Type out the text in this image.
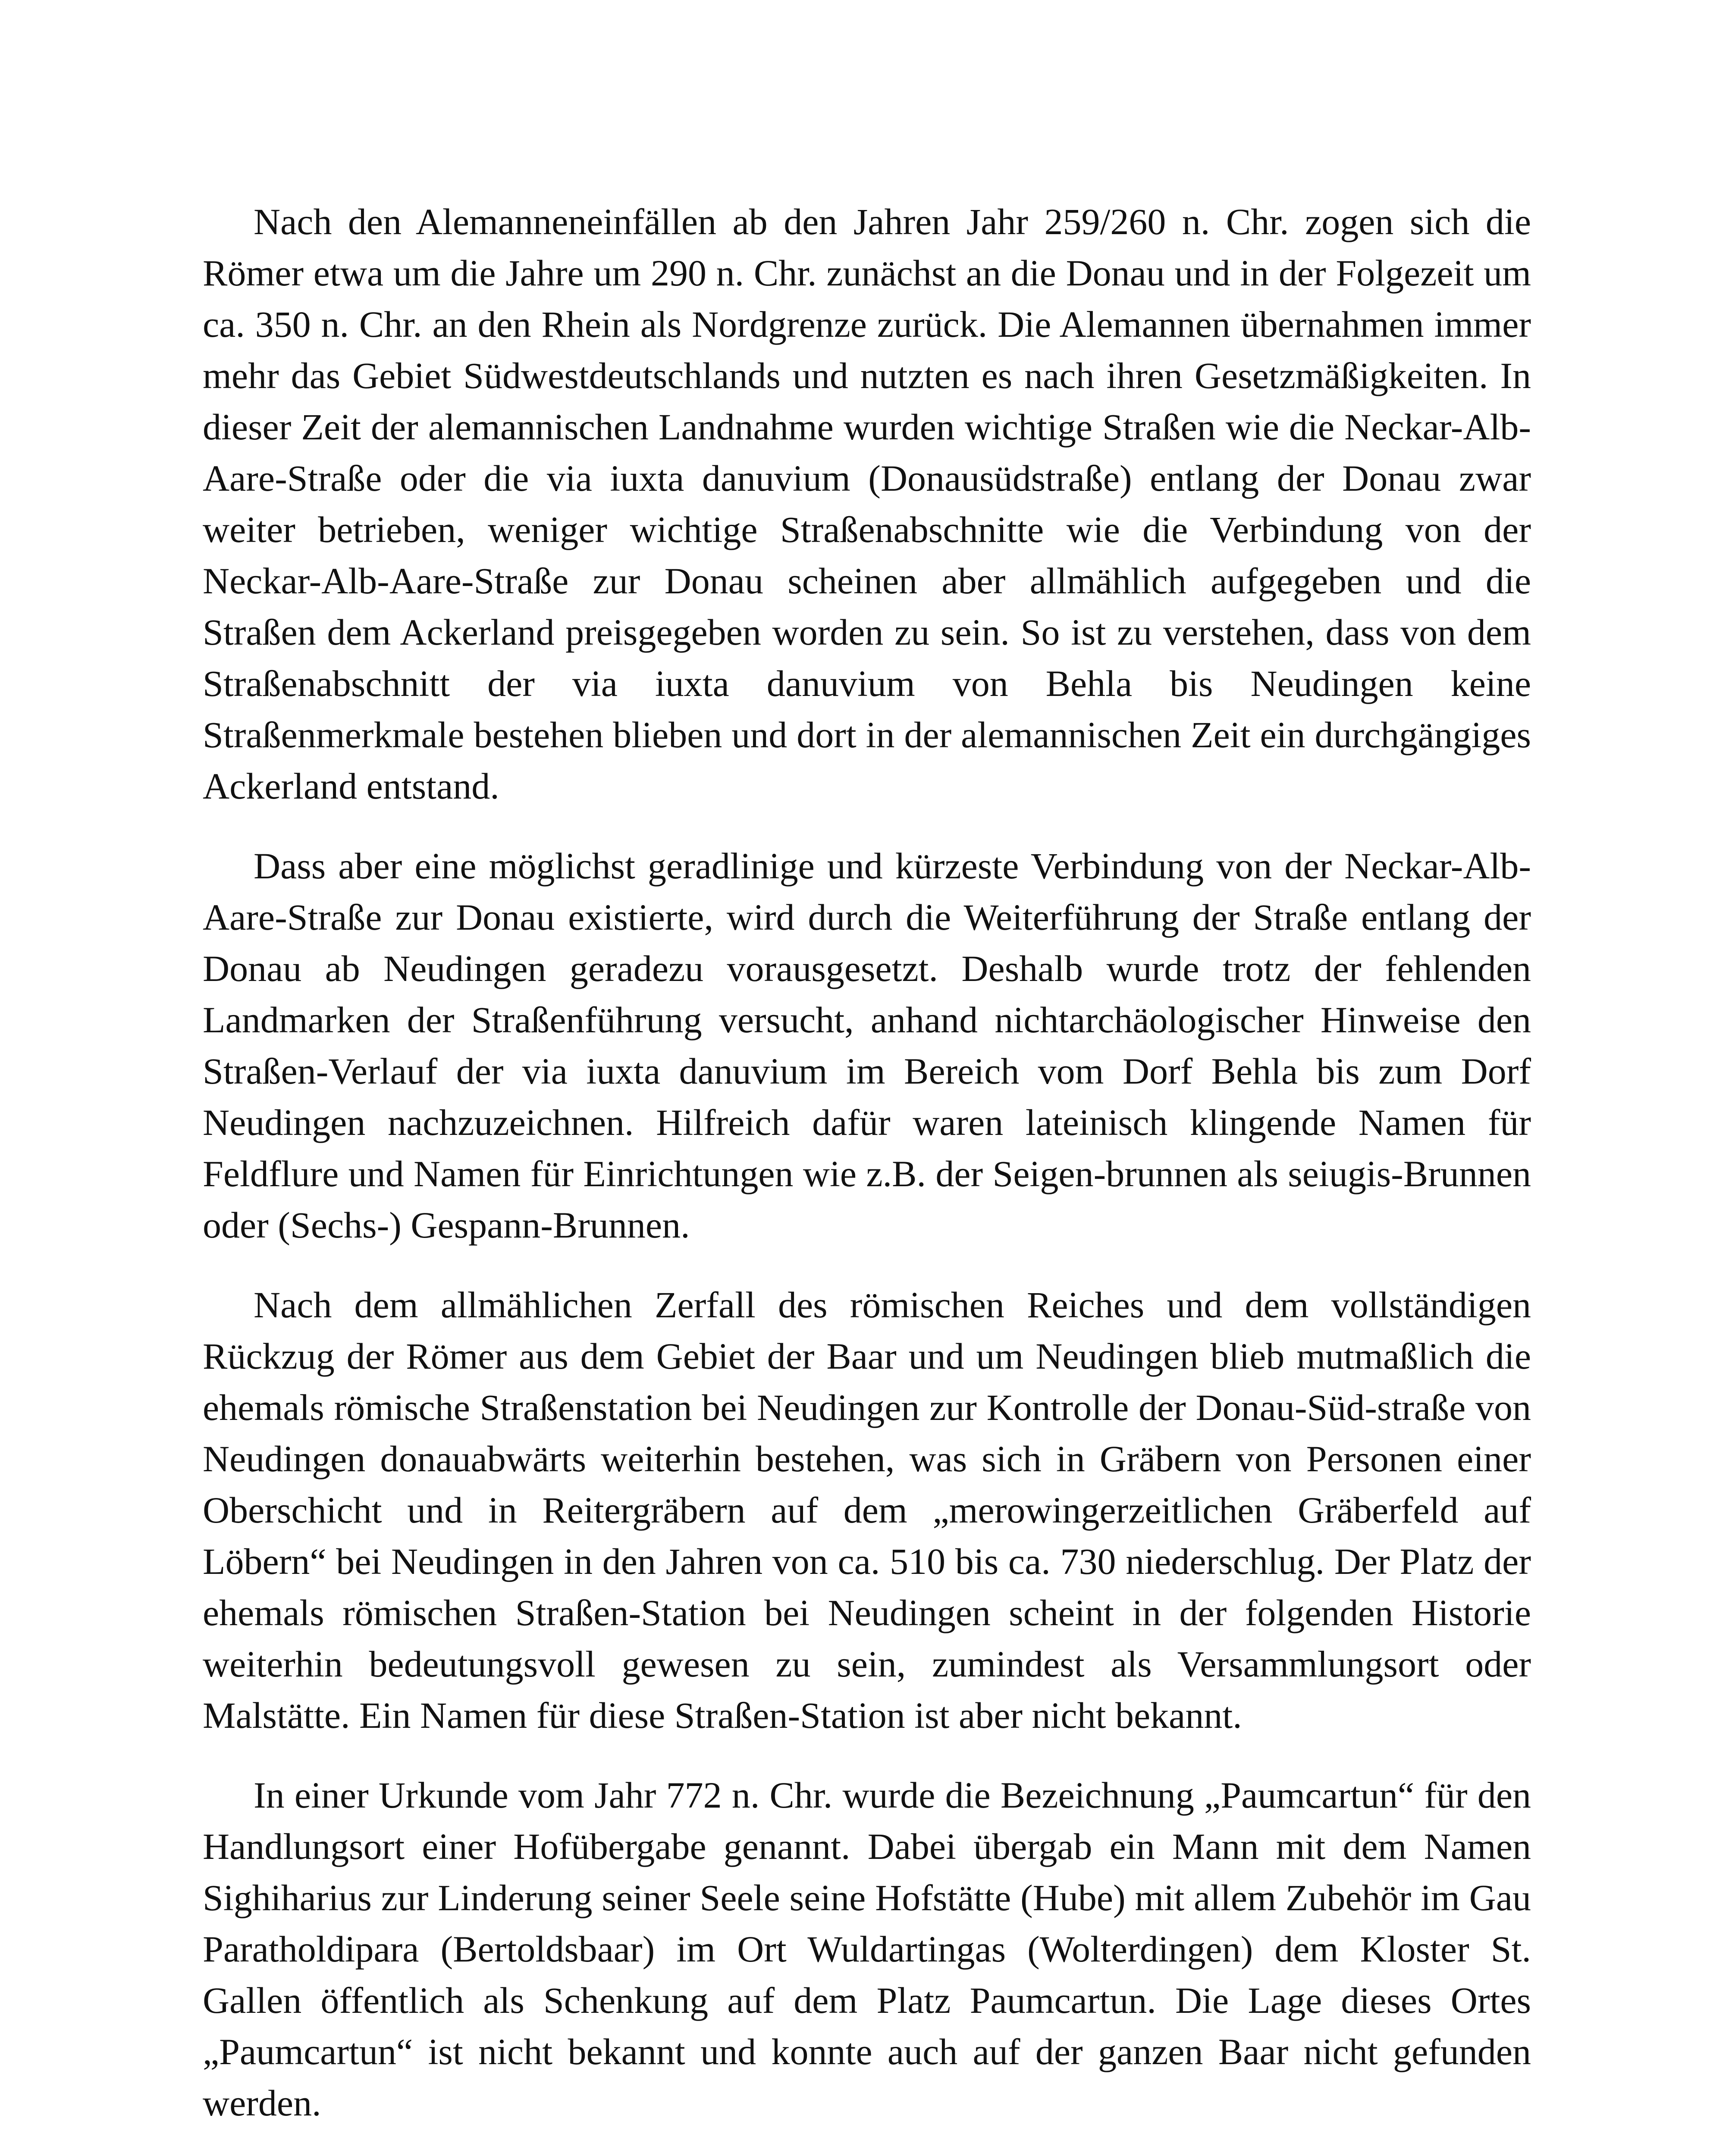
Nach den Alemanneneinfällen ab den Jahren Jahr 259/260 n. Chr. zogen sich die Römer etwa um die Jahre um 290 n. Chr. zunächst an die Donau und in der Folgezeit um ca. 350 n. Chr. an den Rhein als Nordgrenze zurück. Die Alemannen übernahmen immer mehr das Gebiet Südwestdeutschlands und nutzten es nach ihren Gesetzmäßigkeiten. In dieser Zeit der alemannischen Landnahme wurden wichtige Straßen wie die Neckar-Alb-Aare-Straße oder die via iuxta danuvium (Donausüdstraße) entlang der Donau zwar weiter betrieben, weniger wichtige Straßenabschnitte wie die Verbindung von der Neckar-Alb-Aare-Straße zur Donau scheinen aber allmählich aufgegeben und die Straßen dem Ackerland preisgegeben worden zu sein. So ist zu verstehen, dass von dem Straßenabschnitt der via iuxta danuvium von Behla bis Neudingen keine Straßenmerkmale bestehen blieben und dort in der alemannischen Zeit ein durchgängiges Ackerland entstand.

Dass aber eine möglichst geradlinige und kürzeste Verbindung von der Neckar-Alb-Aare-Straße zur Donau existierte, wird durch die Weiterführung der Straße entlang der Donau ab Neudingen geradezu vorausgesetzt. Deshalb wurde trotz der fehlenden Landmarken der Straßenführung versucht, anhand nichtarchäologischer Hinweise den Straßen-Verlauf der via iuxta danuvium im Bereich vom Dorf Behla bis zum Dorf Neudingen nachzuzeichnen. Hilfreich dafür waren lateinisch klingende Namen für Feldflure und Namen für Einrichtungen wie z.B. der Seigen-brunnen als seiugis-Brunnen oder (Sechs-) Gespann-Brunnen.

Nach dem allmählichen Zerfall des römischen Reiches und dem vollständigen Rückzug der Römer aus dem Gebiet der Baar und um Neudingen blieb mutmaßlich die ehemals römische Straßenstation bei Neudingen zur Kontrolle der Donau-Süd-straße von Neudingen donauabwärts weiterhin bestehen, was sich in Gräbern von Personen einer Oberschicht und in Reitergräbern auf dem „merowingerzeitlichen Gräberfeld auf Löbern“ bei Neudingen in den Jahren von ca. 510 bis ca. 730 niederschlug. Der Platz der ehemals römischen Straßen-Station bei Neudingen scheint in der folgenden Historie weiterhin bedeutungsvoll gewesen zu sein, zumindest als Versammlungsort oder Malstätte. Ein Namen für diese Straßen-Station ist aber nicht bekannt.

In einer Urkunde vom Jahr 772 n. Chr. wurde die Bezeichnung „Paumcartun“ für den Handlungsort einer Hofübergabe genannt. Dabei übergab ein Mann mit dem Namen Sighiharius zur Linderung seiner Seele seine Hofstätte (Hube) mit allem Zubehör im Gau Paratholdipara (Bertoldsbaar) im Ort Wuldartingas (Wolterdingen) dem Kloster St. Gallen öffentlich als Schenkung auf dem Platz Paumcartun. Die Lage dieses Ortes „Paumcartun“ ist nicht bekannt und konnte auch auf der ganzen Baar nicht gefunden werden.
